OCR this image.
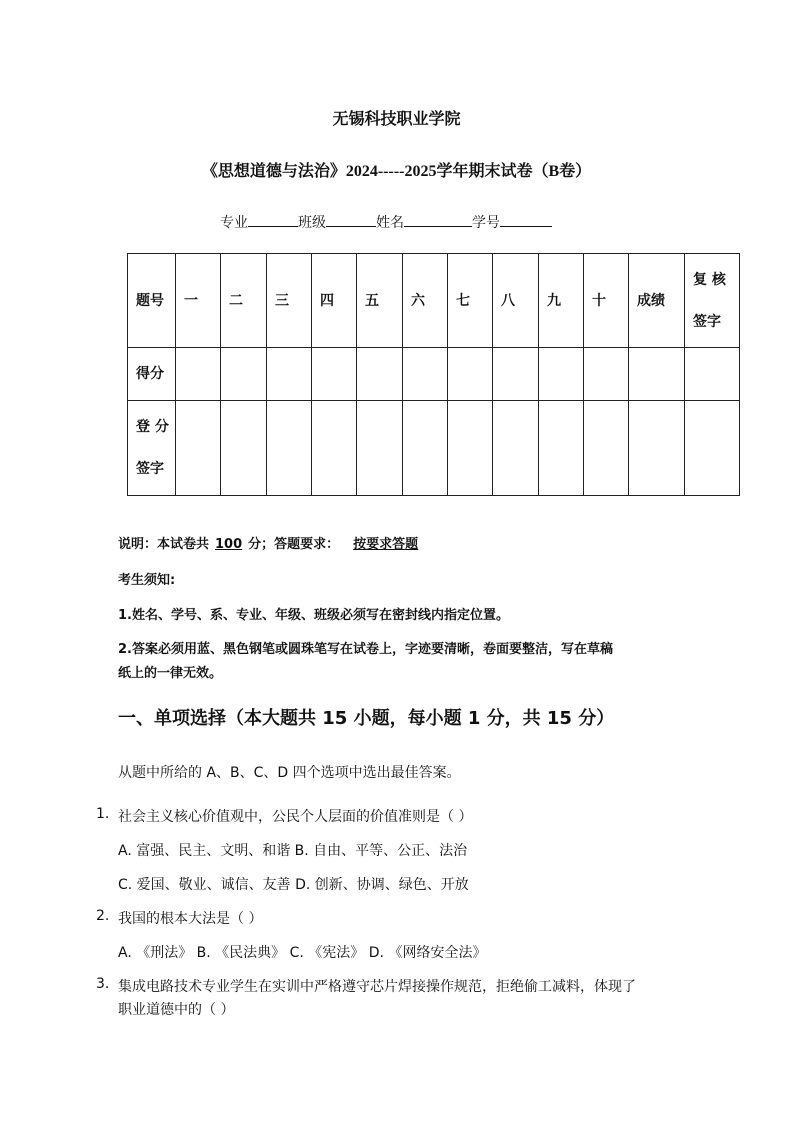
无锡科技职业学院
《思想道德与法治》2024-----2025学年期末试卷（B卷）
专业	班级	姓名	学号
题号	一	二	三	四	五	六	七	八	九	十	成绩	复 核
签字

得分												

登 分
签字												

说明：本试卷共 100 分；答题要求： 按要求答题
考生须知:
1.姓名、学号、系、专业、年级、班级必须写在密封线内指定位置。
2.答案必须用蓝、黑色钢笔或圆珠笔写在试卷上，字迹要清晰，卷面要整洁，写在草稿
纸上的一律无效。
一、单项选择（本大题共 15 小题，每小题 1 分，共 15 分）
从题中所给的 A、B、C、D 四个选项中选出最佳答案。
1. 社会主义核心价值观中，公民个人层面的价值准则是（ ）
A. 富强、民主、文明、和谐 B. 自由、平等、公正、法治
C. 爱国、敬业、诚信、友善 D. 创新、协调、绿色、开放
2. 我国的根本大法是（ ）
A. 《刑法》 B. 《民法典》 C. 《宪法》 D. 《网络安全法》
3. 集成电路技术专业学生在实训中严格遵守芯片焊接操作规范，拒绝偷工减料，体现了
职业道德中的（ ）
